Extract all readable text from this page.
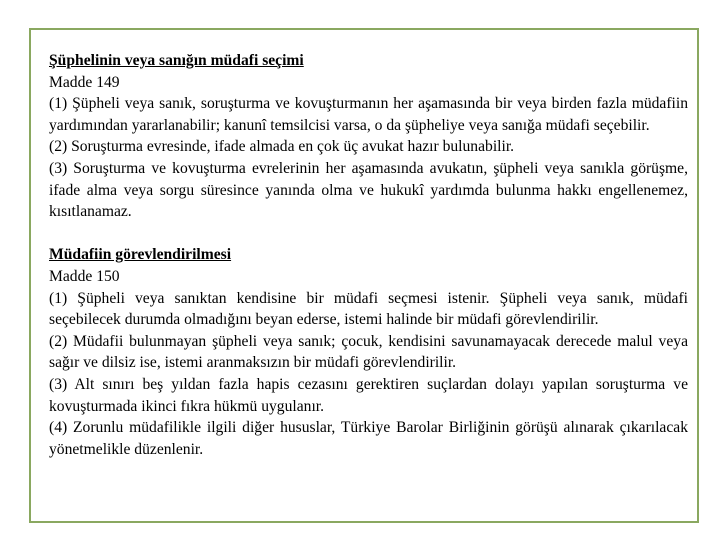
Şüphelinin veya sanığın müdafi seçimi

Madde 149

(1) Şüpheli veya sanık, soruşturma ve kovuşturmanın her aşamasında bir veya birden fazla müdafiin yardımından yararlanabilir; kanunî temsilcisi varsa, o da şüpheliye veya sanığa müdafi seçebilir.

(2) Soruşturma evresinde, ifade almada en çok üç avukat hazır bulunabilir.

(3) Soruşturma ve kovuşturma evrelerinin her aşamasında avukatın, şüpheli veya sanıkla görüşme, ifade alma veya sorgu süresince yanında olma ve hukukî yardımda bulunma hakkı engellenemez, kısıtlanamaz.

Müdafiin görevlendirilmesi

Madde 150

(1) Şüpheli veya sanıktan kendisine bir müdafi seçmesi istenir. Şüpheli veya sanık, müdafi seçebilecek durumda olmadığını beyan ederse, istemi halinde bir müdafi görevlendirilir.

(2) Müdafii bulunmayan şüpheli veya sanık; çocuk, kendisini savunamayacak derecede malul veya sağır ve dilsiz ise, istemi aranmaksızın bir müdafi görevlendirilir.

(3) Alt sınırı beş yıldan fazla hapis cezasını gerektiren suçlardan dolayı yapılan soruşturma ve kovuşturmada ikinci fıkra hükmü uygulanır.

(4) Zorunlu müdafilikle ilgili diğer hususlar, Türkiye Barolar Birliğinin görüşü alınarak çıkarılacak yönetmelikle düzenlenir.
